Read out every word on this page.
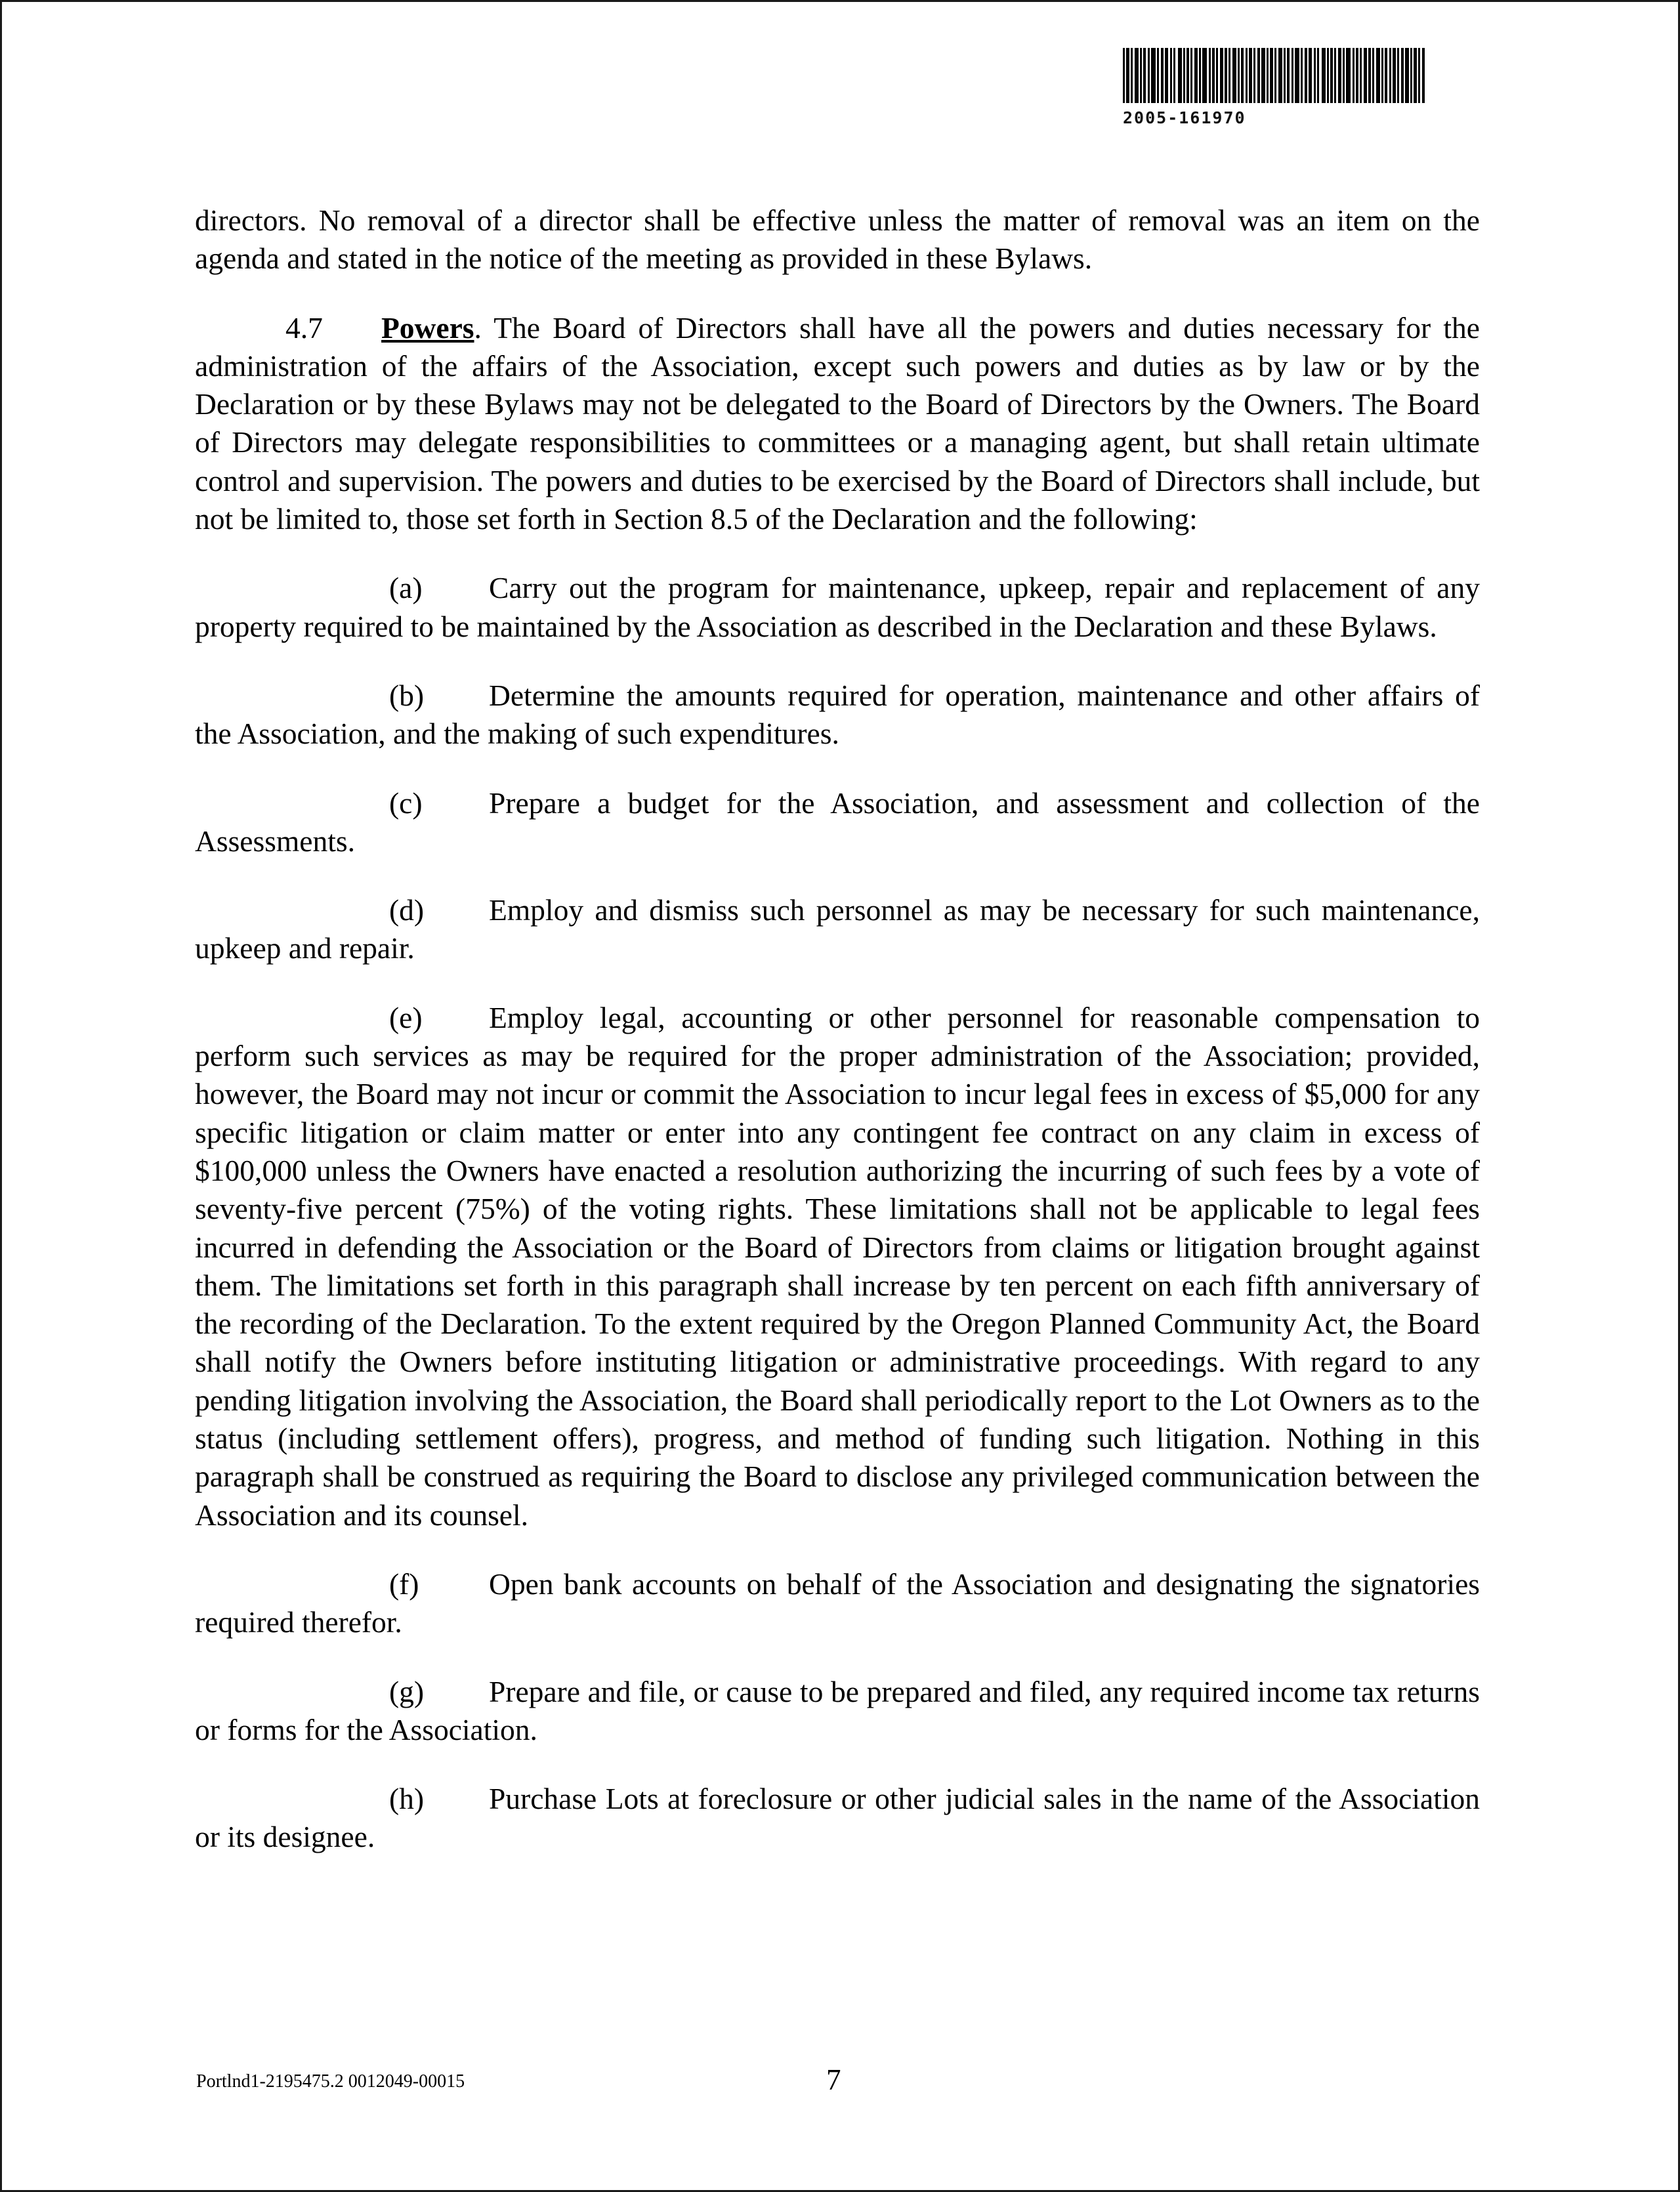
2005-161970

directors. No removal of a director shall be effective unless the matter of removal was an item on the agenda and stated in the notice of the meeting as provided in these Bylaws.

4.7 Powers. The Board of Directors shall have all the powers and duties necessary for the administration of the affairs of the Association, except such powers and duties as by law or by the Declaration or by these Bylaws may not be delegated to the Board of Directors by the Owners. The Board of Directors may delegate responsibilities to committees or a managing agent, but shall retain ultimate control and supervision. The powers and duties to be exercised by the Board of Directors shall include, but not be limited to, those set forth in Section 8.5 of the Declaration and the following:

(a) Carry out the program for maintenance, upkeep, repair and replacement of any property required to be maintained by the Association as described in the Declaration and these Bylaws.

(b) Determine the amounts required for operation, maintenance and other affairs of the Association, and the making of such expenditures.

(c) Prepare a budget for the Association, and assessment and collection of the Assessments.

(d) Employ and dismiss such personnel as may be necessary for such maintenance, upkeep and repair.

(e) Employ legal, accounting or other personnel for reasonable compensation to perform such services as may be required for the proper administration of the Association; provided, however, the Board may not incur or commit the Association to incur legal fees in excess of $5,000 for any specific litigation or claim matter or enter into any contingent fee contract on any claim in excess of $100,000 unless the Owners have enacted a resolution authorizing the incurring of such fees by a vote of seventy-five percent (75%) of the voting rights. These limitations shall not be applicable to legal fees incurred in defending the Association or the Board of Directors from claims or litigation brought against them. The limitations set forth in this paragraph shall increase by ten percent on each fifth anniversary of the recording of the Declaration. To the extent required by the Oregon Planned Community Act, the Board shall notify the Owners before instituting litigation or administrative proceedings. With regard to any pending litigation involving the Association, the Board shall periodically report to the Lot Owners as to the status (including settlement offers), progress, and method of funding such litigation. Nothing in this paragraph shall be construed as requiring the Board to disclose any privileged communication between the Association and its counsel.

(f) Open bank accounts on behalf of the Association and designating the signatories required therefor.

(g) Prepare and file, or cause to be prepared and filed, any required income tax returns or forms for the Association.

(h) Purchase Lots at foreclosure or other judicial sales in the name of the Association or its designee.

Portlnd1-2195475.2 0012049-00015	7
